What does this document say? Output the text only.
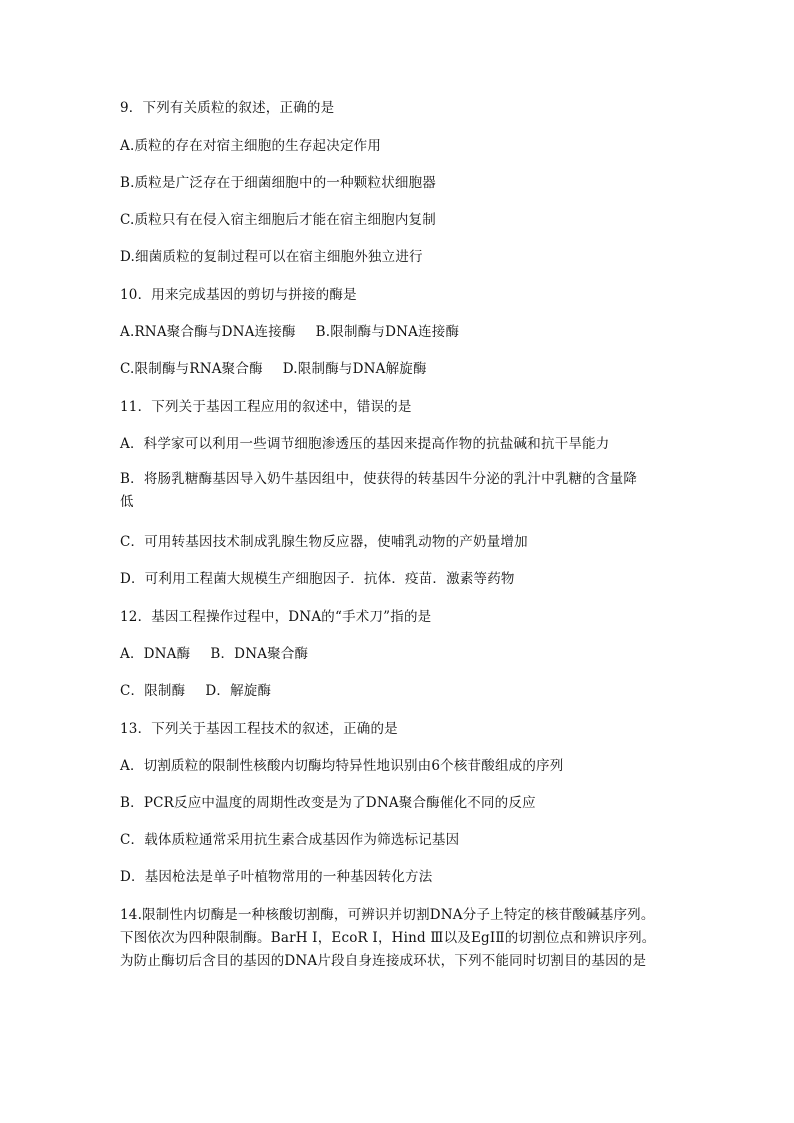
9．下列有关质粒的叙述，正确的是
A.质粒的存在对宿主细胞的生存起决定作用
B.质粒是广泛存在于细菌细胞中的一种颗粒状细胞器
C.质粒只有在侵入宿主细胞后才能在宿主细胞内复制
D.细菌质粒的复制过程可以在宿主细胞外独立进行
10．用来完成基因的剪切与拼接的酶是
A.RNA聚合酶与DNA连接酶 B.限制酶与DNA连接酶
C.限制酶与RNA聚合酶 D.限制酶与DNA解旋酶
11．下列关于基因工程应用的叙述中，错误的是
A．科学家可以利用一些调节细胞渗透压的基因来提高作物的抗盐碱和抗干旱能力
B．将肠乳糖酶基因导入奶牛基因组中，使获得的转基因牛分泌的乳汁中乳糖的含量降
低
C．可用转基因技术制成乳腺生物反应器，使哺乳动物的产奶量增加
D．可利用工程菌大规模生产细胞因子．抗体．疫苗．激素等药物
12．基因工程操作过程中，DNA的“手术刀”指的是
A．DNA酶 B．DNA聚合酶
C．限制酶 D．解旋酶
13．下列关于基因工程技术的叙述，正确的是
A．切割质粒的限制性核酸内切酶均特异性地识别由6个核苷酸组成的序列
B．PCR反应中温度的周期性改变是为了DNA聚合酶催化不同的反应
C．载体质粒通常采用抗生素合成基因作为筛选标记基因
D．基因枪法是单子叶植物常用的一种基因转化方法
14.限制性内切酶是一种核酸切割酶，可辨识并切割DNA分子上特定的核苷酸碱基序列。
下图依次为四种限制酶。BarH Ⅰ，EcoR Ⅰ，Hind Ⅲ以及EgIⅡ的切割位点和辨识序列。
为防止酶切后含目的基因的DNA片段自身连接成环状，下列不能同时切割目的基因的是
